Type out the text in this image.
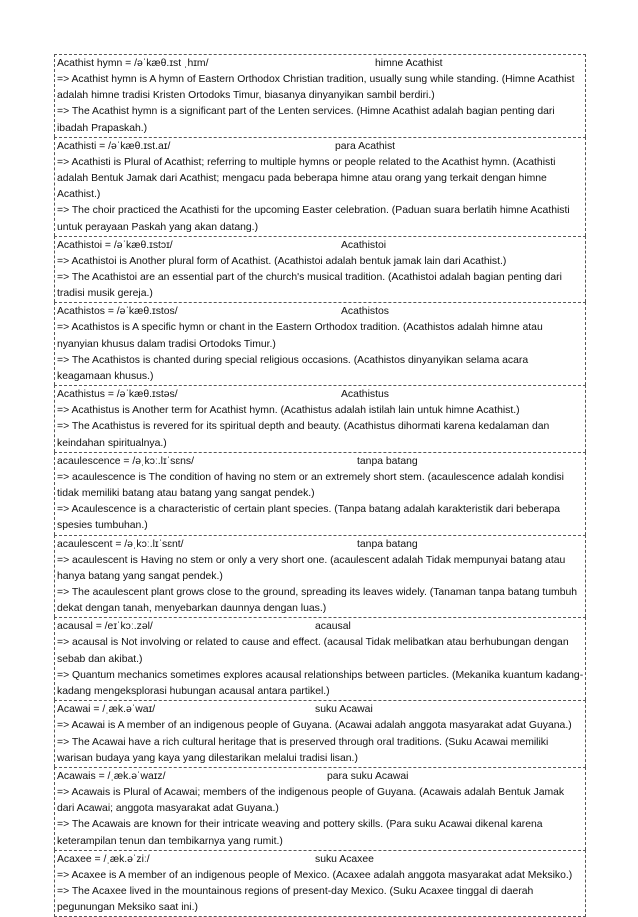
Acathist hymn = /əˈkæθ.ɪst ˌhɪm/	himne Acathist
=> Acathist hymn is A hymn of Eastern Orthodox Christian tradition, usually sung while standing. (Himne Acathist adalah himne tradisi Kristen Ortodoks Timur, biasanya dinyanyikan sambil berdiri.)
=> The Acathist hymn is a significant part of the Lenten services. (Himne Acathist adalah bagian penting dari ibadah Prapaskah.)
Acathisti = /əˈkæθ.ɪst.aɪ/	para Acathist
=> Acathisti is Plural of Acathist; referring to multiple hymns or people related to the Acathist hymn. (Acathisti adalah Bentuk Jamak dari Acathist; mengacu pada beberapa himne atau orang yang terkait dengan himne Acathist.)
=> The choir practiced the Acathisti for the upcoming Easter celebration. (Paduan suara berlatih himne Acathisti untuk perayaan Paskah yang akan datang.)
Acathistoi = /əˈkæθ.ɪstɔɪ/	Acathistoi
=> Acathistoi is Another plural form of Acathist. (Acathistoi adalah bentuk jamak lain dari Acathist.)
=> The Acathistoi are an essential part of the church's musical tradition. (Acathistoi adalah bagian penting dari tradisi musik gereja.)
Acathistos = /əˈkæθ.ɪstos/	Acathistos
=> Acathistos is A specific hymn or chant in the Eastern Orthodox tradition. (Acathistos adalah himne atau nyanyian khusus dalam tradisi Ortodoks Timur.)
=> The Acathistos is chanted during special religious occasions. (Acathistos dinyanyikan selama acara keagamaan khusus.)
Acathistus = /əˈkæθ.ɪstəs/	Acathistus
=> Acathistus is Another term for Acathist hymn. (Acathistus adalah istilah lain untuk himne Acathist.)
=> The Acathistus is revered for its spiritual depth and beauty. (Acathistus dihormati karena kedalaman dan keindahan spiritualnya.)
acaulescence = /əˌkɔː.lɪˈsɛns/	tanpa batang
=> acaulescence is The condition of having no stem or an extremely short stem. (acaulescence adalah kondisi tidak memiliki batang atau batang yang sangat pendek.)
=> Acaulescence is a characteristic of certain plant species. (Tanpa batang adalah karakteristik dari beberapa spesies tumbuhan.)
acaulescent = /əˌkɔː.lɪˈsɛnt/	tanpa batang
=> acaulescent is Having no stem or only a very short one. (acaulescent adalah Tidak mempunyai batang atau hanya batang yang sangat pendek.)
=> The acaulescent plant grows close to the ground, spreading its leaves widely. (Tanaman tanpa batang tumbuh dekat dengan tanah, menyebarkan daunnya dengan luas.)
acausal = /eɪˈkɔː.zəl/	acausal
=> acausal is Not involving or related to cause and effect. (acausal Tidak melibatkan atau berhubungan dengan sebab dan akibat.)
=> Quantum mechanics sometimes explores acausal relationships between particles. (Mekanika kuantum kadang-kadang mengeksplorasi hubungan acausal antara partikel.)
Acawai = /ˌæk.əˈwaɪ/	suku Acawai
=> Acawai is A member of an indigenous people of Guyana. (Acawai adalah anggota masyarakat adat Guyana.)
=> The Acawai have a rich cultural heritage that is preserved through oral traditions. (Suku Acawai memiliki warisan budaya yang kaya yang dilestarikan melalui tradisi lisan.)
Acawais = /ˌæk.əˈwaɪz/	para suku Acawai
=> Acawais is Plural of Acawai; members of the indigenous people of Guyana. (Acawais adalah Bentuk Jamak dari Acawai; anggota masyarakat adat Guyana.)
=> The Acawais are known for their intricate weaving and pottery skills. (Para suku Acawai dikenal karena keterampilan tenun dan tembikarnya yang rumit.)
Acaxee = /ˌæk.əˈziː/	suku Acaxee
=> Acaxee is A member of an indigenous people of Mexico. (Acaxee adalah anggota masyarakat adat Meksiko.)
=> The Acaxee lived in the mountainous regions of present-day Mexico. (Suku Acaxee tinggal di daerah pegunungan Meksiko saat ini.)
